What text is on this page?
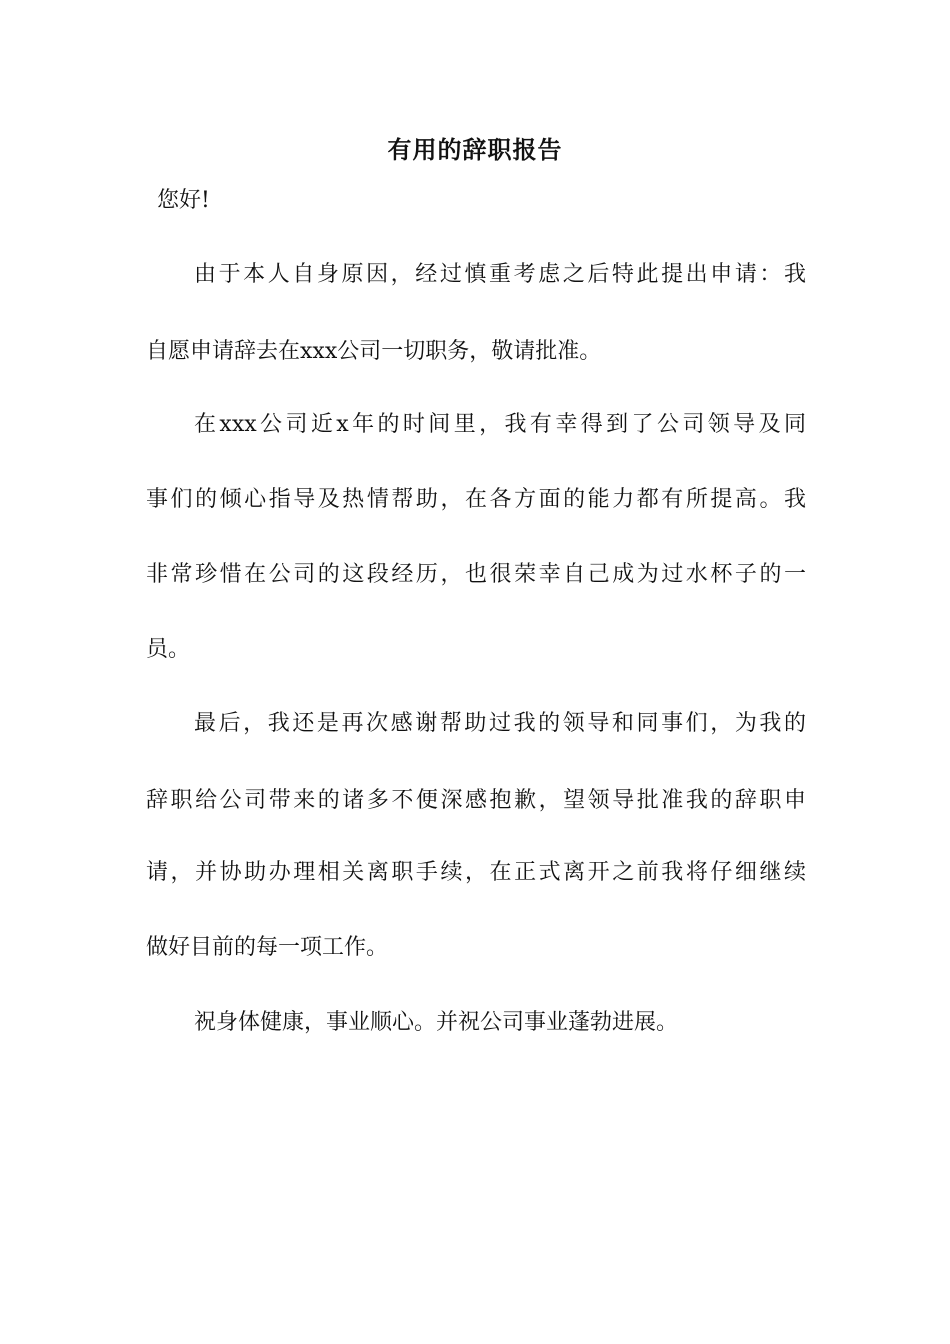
有用的辞职报告
您好!
由于本人自身原因，经过慎重考虑之后特此提出申请：我
自愿申请辞去在xxx公司一切职务，敬请批准。
在xxx公司近x年的时间里，我有幸得到了公司领导及同
事们的倾心指导及热情帮助，在各方面的能力都有所提高。我
非常珍惜在公司的这段经历，也很荣幸自己成为过水杯子的一
员。
最后，我还是再次感谢帮助过我的领导和同事们，为我的
辞职给公司带来的诸多不便深感抱歉，望领导批准我的辞职申
请，并协助办理相关离职手续，在正式离开之前我将仔细继续
做好目前的每一项工作。
祝身体健康，事业顺心。并祝公司事业蓬勃进展。
